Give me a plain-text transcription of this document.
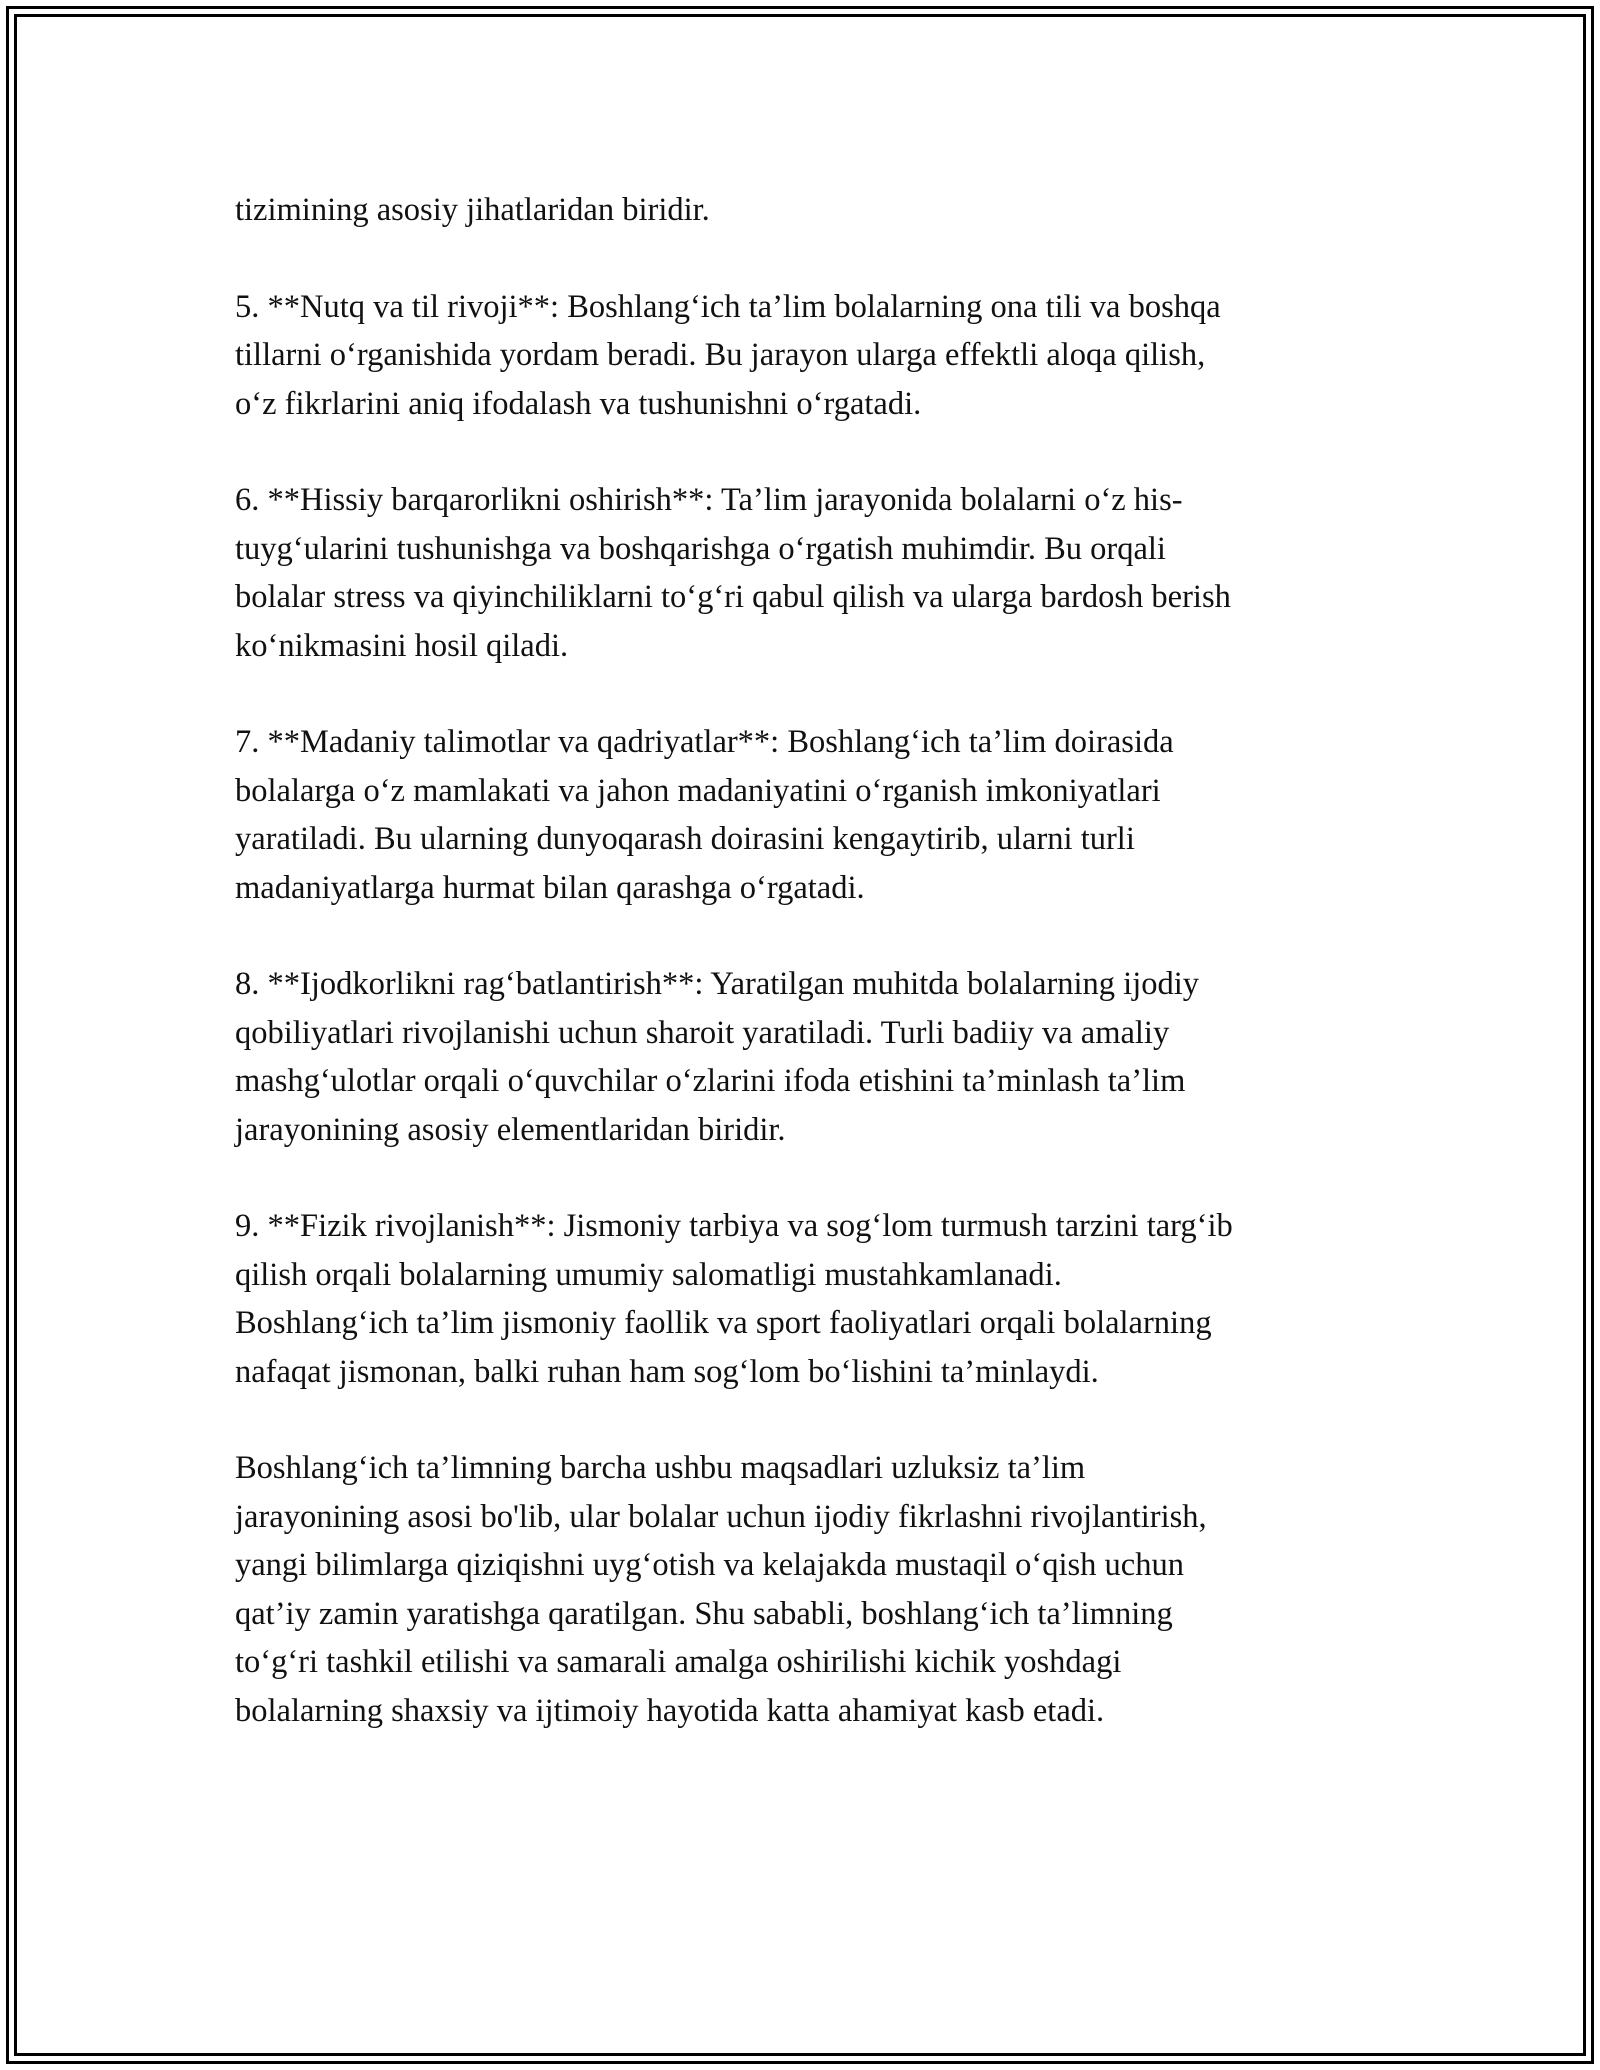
tizimining asosiy jihatlaridan biridir.
5. **Nutq va til rivoji**: Boshlang‘ich ta’lim bolalarning ona tili va boshqa
tillarni o‘rganishida yordam beradi. Bu jarayon ularga effektli aloqa qilish,
o‘z fikrlarini aniq ifodalash va tushunishni o‘rgatadi.
6. **Hissiy barqarorlikni oshirish**: Ta’lim jarayonida bolalarni o‘z his-
tuyg‘ularini tushunishga va boshqarishga o‘rgatish muhimdir. Bu orqali
bolalar stress va qiyinchiliklarni to‘g‘ri qabul qilish va ularga bardosh berish
ko‘nikmasini hosil qiladi.
7. **Madaniy talimotlar va qadriyatlar**: Boshlang‘ich ta’lim doirasida
bolalarga o‘z mamlakati va jahon madaniyatini o‘rganish imkoniyatlari
yaratiladi. Bu ularning dunyoqarash doirasini kengaytirib, ularni turli
madaniyatlarga hurmat bilan qarashga o‘rgatadi.
8. **Ijodkorlikni rag‘batlantirish**: Yaratilgan muhitda bolalarning ijodiy
qobiliyatlari rivojlanishi uchun sharoit yaratiladi. Turli badiiy va amaliy
mashg‘ulotlar orqali o‘quvchilar o‘zlarini ifoda etishini ta’minlash ta’lim
jarayonining asosiy elementlaridan biridir.
9. **Fizik rivojlanish**: Jismoniy tarbiya va sog‘lom turmush tarzini targ‘ib
qilish orqali bolalarning umumiy salomatligi mustahkamlanadi.
Boshlang‘ich ta’lim jismoniy faollik va sport faoliyatlari orqali bolalarning
nafaqat jismonan, balki ruhan ham sog‘lom bo‘lishini ta’minlaydi.
Boshlang‘ich ta’limning barcha ushbu maqsadlari uzluksiz ta’lim
jarayonining asosi bo'lib, ular bolalar uchun ijodiy fikrlashni rivojlantirish,
yangi bilimlarga qiziqishni uyg‘otish va kelajakda mustaqil o‘qish uchun
qat’iy zamin yaratishga qaratilgan. Shu sababli, boshlang‘ich ta’limning
to‘g‘ri tashkil etilishi va samarali amalga oshirilishi kichik yoshdagi
bolalarning shaxsiy va ijtimoiy hayotida katta ahamiyat kasb etadi.
